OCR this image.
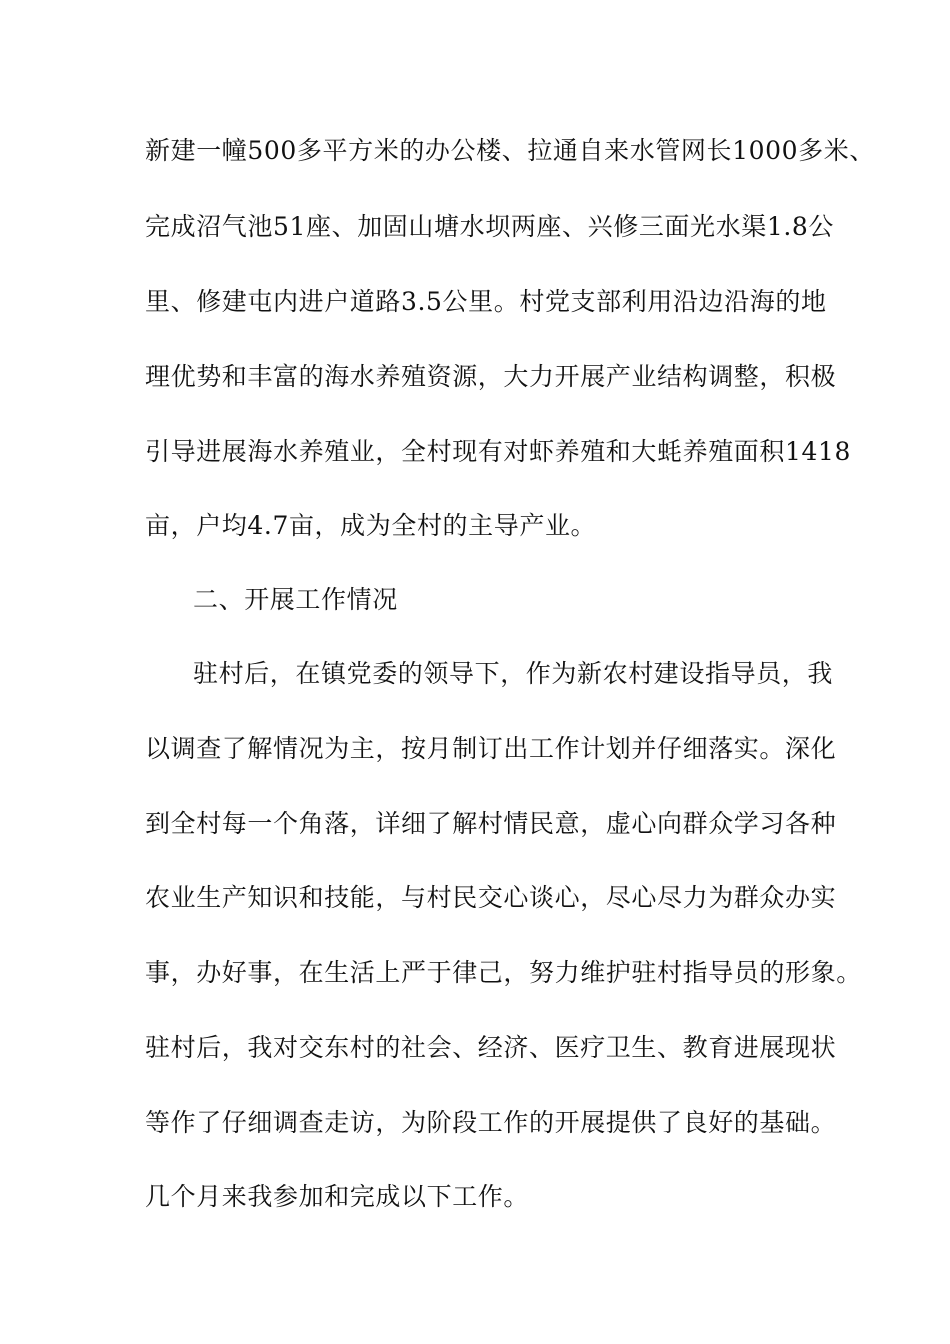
新建一幢500多平方米的办公楼、拉通自来水管网长1000多米、
完成沼气池51座、加固山塘水坝两座、兴修三面光水渠1.8公
里、修建屯内进户道路3.5公里。村党支部利用沿边沿海的地
理优势和丰富的海水养殖资源，大力开展产业结构调整，积极
引导进展海水养殖业，全村现有对虾养殖和大蚝养殖面积1418
亩，户均4.7亩，成为全村的主导产业。
二、开展工作情况
驻村后，在镇党委的领导下，作为新农村建设指导员，我
以调查了解情况为主，按月制订出工作计划并仔细落实。深化
到全村每一个角落，详细了解村情民意，虚心向群众学习各种
农业生产知识和技能，与村民交心谈心，尽心尽力为群众办实
事，办好事，在生活上严于律己，努力维护驻村指导员的形象。
驻村后，我对交东村的社会、经济、医疗卫生、教育进展现状
等作了仔细调查走访，为阶段工作的开展提供了良好的基础。
几个月来我参加和完成以下工作。
